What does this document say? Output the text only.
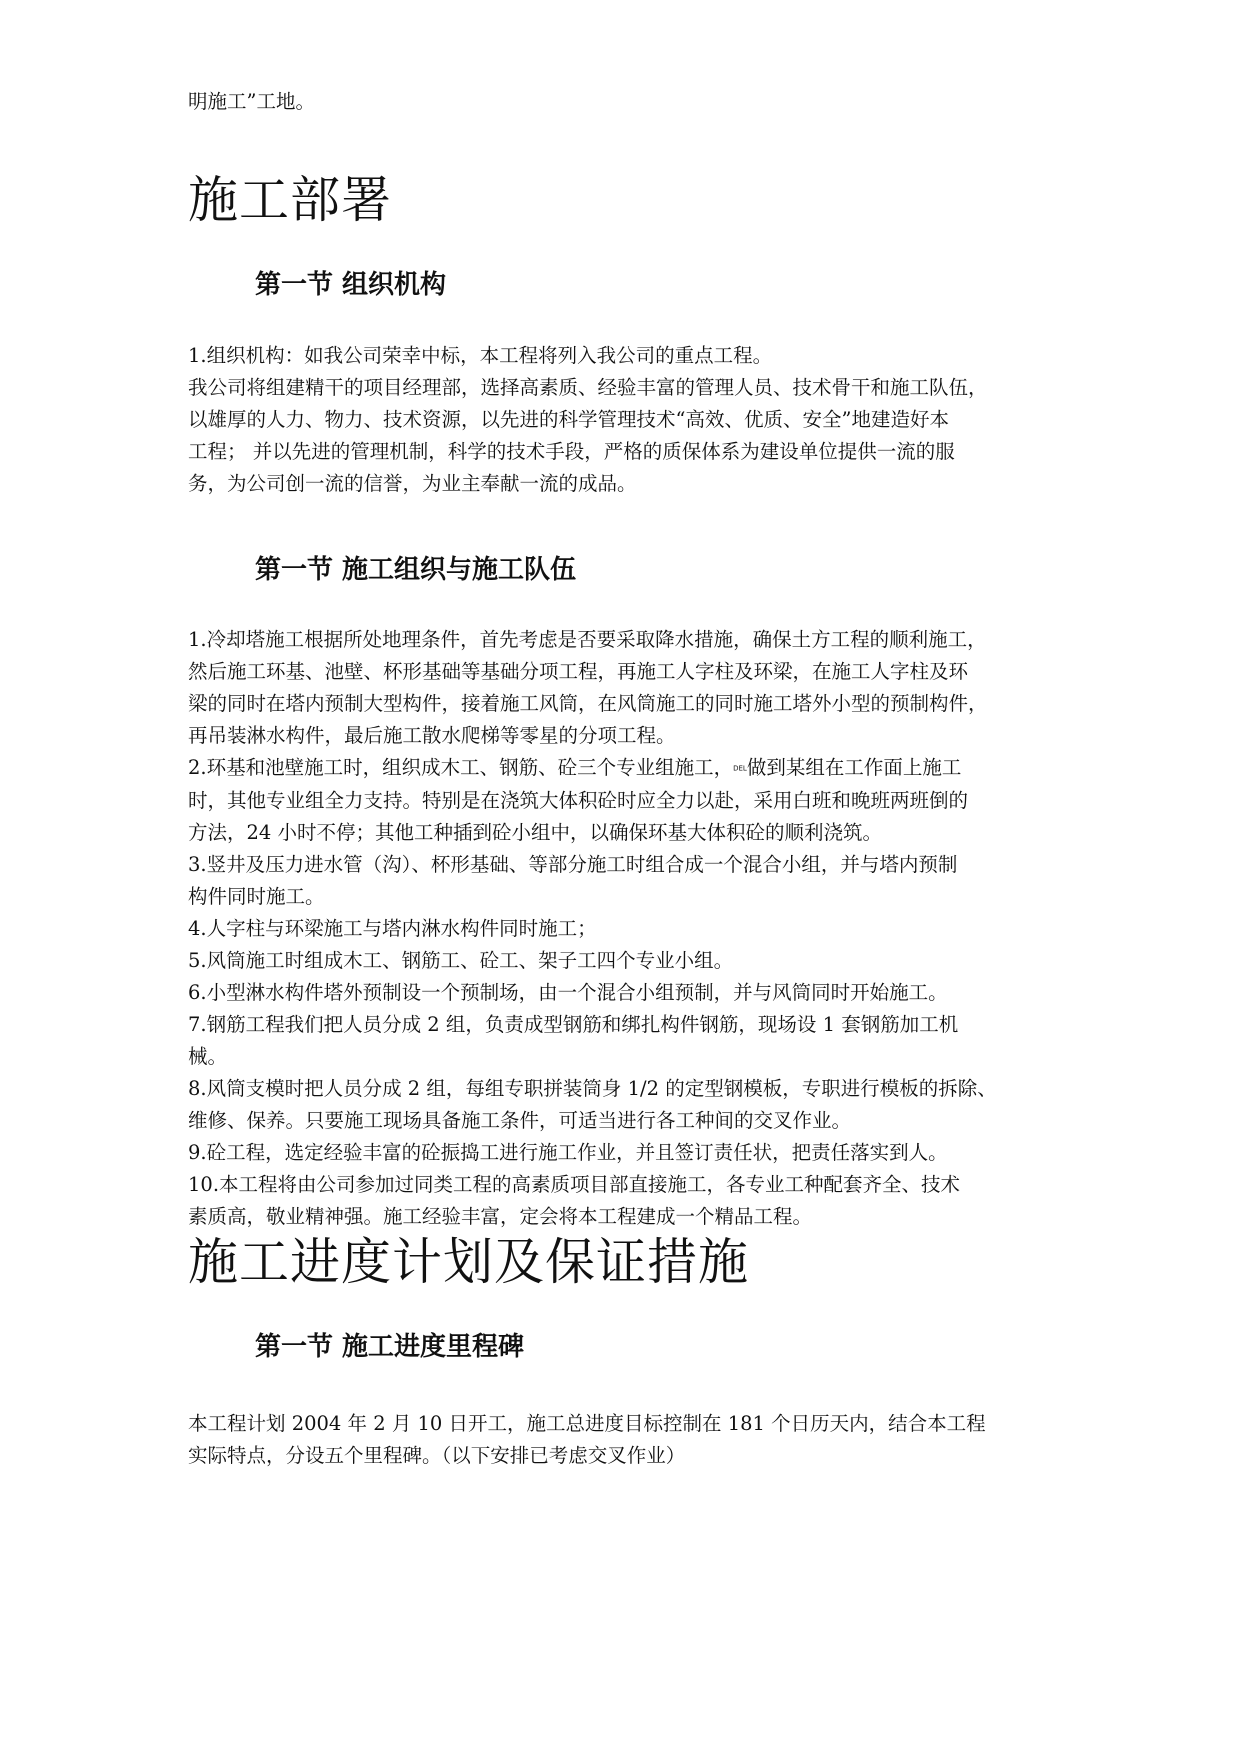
明施工”工地。

施工部署
第一节 组织机构

1.组织机构：如我公司荣幸中标，本工程将列入我公司的重点工程。

我公司将组建精干的项目经理部，选择高素质、经验丰富的管理人员、技术骨干和施工队伍，

以雄厚的人力、物力、技术资源，以先进的科学管理技术“高效、优质、安全”地建造好本

工程； 并以先进的管理机制，科学的技术手段，严格的质保体系为建设单位提供一流的服

务，为公司创一流的信誉，为业主奉献一流的成品。

第一节 施工组织与施工队伍

1.冷却塔施工根据所处地理条件，首先考虑是否要采取降水措施，确保土方工程的顺利施工，

然后施工环基、池壁、杯形基础等基础分项工程，再施工人字柱及环梁，在施工人字柱及环

梁的同时在塔内预制大型构件，接着施工风筒，在风筒施工的同时施工塔外小型的预制构件，

再吊装淋水构件，最后施工散水爬梯等零星的分项工程。

2.环基和池壁施工时，组织成木工、钢筋、砼三个专业组施工，DEL做到某组在工作面上施工

时，其他专业组全力支持。特别是在浇筑大体积砼时应全力以赴，采用白班和晚班两班倒的

方法，24 小时不停；其他工种插到砼小组中，以确保环基大体积砼的顺利浇筑。

3.竖井及压力进水管（沟）、杯形基础、等部分施工时组合成一个混合小组，并与塔内预制

构件同时施工。

4.人字柱与环梁施工与塔内淋水构件同时施工；

5.风筒施工时组成木工、钢筋工、砼工、架子工四个专业小组。

6.小型淋水构件塔外预制设一个预制场，由一个混合小组预制，并与风筒同时开始施工。

7.钢筋工程我们把人员分成 2 组，负责成型钢筋和绑扎构件钢筋，现场设 1 套钢筋加工机

械。

8.风筒支模时把人员分成 2 组，每组专职拼装筒身 1/2 的定型钢模板，专职进行模板的拆除、

维修、保养。只要施工现场具备施工条件，可适当进行各工种间的交叉作业。

9.砼工程，选定经验丰富的砼振捣工进行施工作业，并且签订责任状，把责任落实到人。

10.本工程将由公司参加过同类工程的高素质项目部直接施工，各专业工种配套齐全、技术

素质高，敬业精神强。施工经验丰富，定会将本工程建成一个精品工程。

施工进度计划及保证措施
第一节 施工进度里程碑

本工程计划 2004 年 2 月 10 日开工，施工总进度目标控制在 181 个日历天内，结合本工程

实际特点，分设五个里程碑。（以下安排已考虑交叉作业）
